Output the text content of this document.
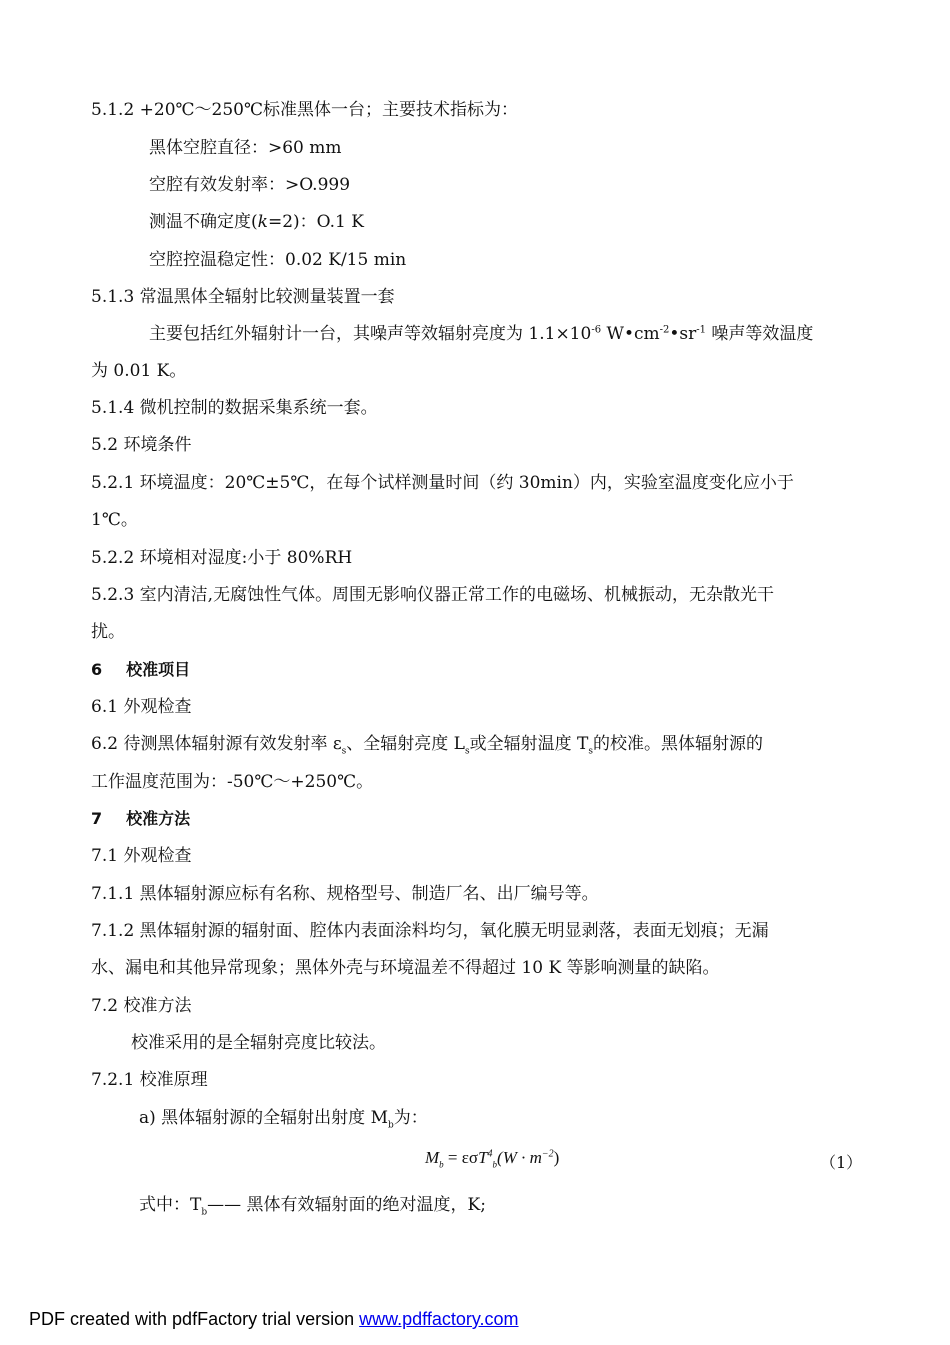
5.1.2 +20℃～250℃标准黑体一台；主要技术指标为：
黑体空腔直径：>60 mm
空腔有效发射率：>O.999
测温不确定度(k=2)：O.1 K
空腔控温稳定性：0.02 K/15 min
5.1.3 常温黑体全辐射比较测量装置一套
主要包括红外辐射计一台，其噪声等效辐射亮度为 $1.1\times 10^{-6}$ $W•cm^{-2}•sr^{-1}$ 噪声等效温度
为 0.01 K。
5.1.4 微机控制的数据采集系统一套。
5.2 环境条件
5.2.1 环境温度：20℃±5℃，在每个试样测量时间（约 30min）内，实验室温度变化应小于
1℃。
5.2.2 环境相对湿度:小于 80%RH
5.2.3 室内清洁,无腐蚀性气体。周围无影响仪器正常工作的电磁场、机械振动，无杂散光干
扰。
6 校准项目
6.1 外观检查
6.2 待测黑体辐射源有效发射率 $\varepsilon_s$、全辐射亮度 $L_s$或全辐射温度 $T_s$的校准。黑体辐射源的
工作温度范围为：-50℃～+250℃。
7 校准方法
7.1 外观检查
7.1.1 黑体辐射源应标有名称、规格型号、制造厂名、出厂编号等。
7.1.2 黑体辐射源的辐射面、腔体内表面涂料均匀，氧化膜无明显剥落，表面无划痕；无漏
水、漏电和其他异常现象；黑体外壳与环境温差不得超过 10 K 等影响测量的缺陷。
7.2 校准方法
校准采用的是全辐射亮度比较法。
7.2.1 校准原理
a) 黑体辐射源的全辐射出射度 $M_b$为：
$M_b = \varepsilon\sigma T^4_b(W \cdot m^{-2})$	（1）
式中：$T_b——$ 黑体有效辐射面的绝对温度，K;
PDF created with pdfFactory trial version www.pdffactory.com
